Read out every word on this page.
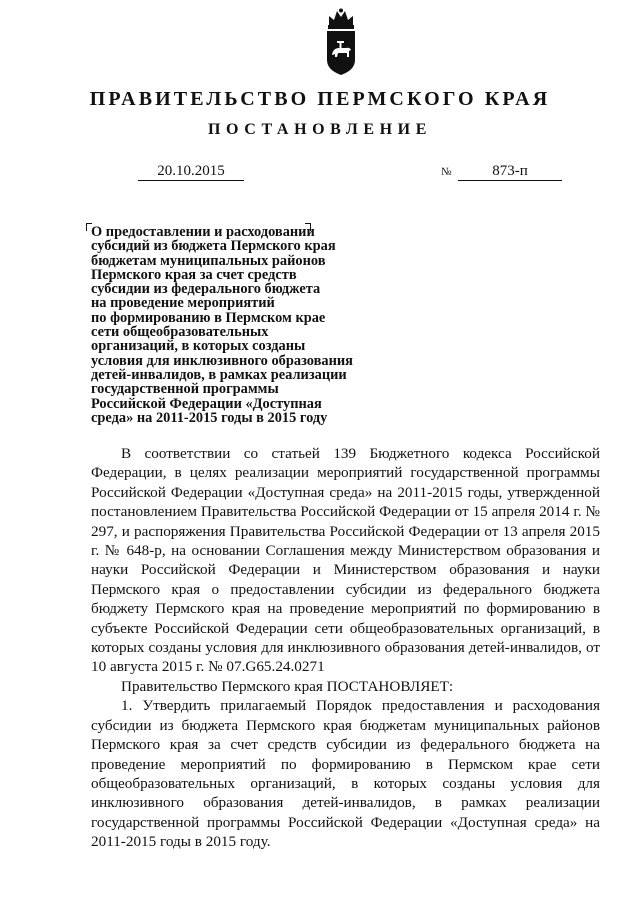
ПРАВИТЕЛЬСТВО ПЕРМСКОГО КРАЯ
ПОСТАНОВЛЕНИЕ
20.10.2015	№	873-п
О предоставлении и расходовании
субсидий из бюджета Пермского края
бюджетам муниципальных районов
Пермского края за счет средств
субсидии из федерального бюджета
на проведение мероприятий
по формированию в Пермском крае
сети общеобразовательных
организаций, в которых созданы
условия для инклюзивного образования
детей-инвалидов, в рамках реализации
государственной программы
Российской Федерации «Доступная
среда» на 2011-2015 годы в 2015 году

В соответствии со статьей 139 Бюджетного кодекса Российской Федерации, в целях реализации мероприятий государственной программы Российской Федерации «Доступная среда» на 2011-2015 годы, утвержденной постановлением Правительства Российской Федерации от 15 апреля 2014 г. № 297, и распоряжения Правительства Российской Федерации от 13 апреля 2015 г. № 648-р, на основании Соглашения между Министерством образования и науки Российской Федерации и Министерством образования и науки Пермского края о предоставлении субсидии из федерального бюджета бюджету Пермского края на проведение мероприятий по формированию в субъекте Российской Федерации сети общеобразовательных организаций, в которых созданы условия для инклюзивного образования детей-инвалидов, от 10 августа 2015 г. № 07.G65.24.0271

Правительство Пермского края ПОСТАНОВЛЯЕТ:

1. Утвердить прилагаемый Порядок предоставления и расходования субсидии из бюджета Пермского края бюджетам муниципальных районов Пермского края за счет средств субсидии из федерального бюджета на проведение мероприятий по формированию в Пермском крае сети общеобразовательных организаций, в которых созданы условия для инклюзивного образования детей-инвалидов, в рамках реализации государственной программы Российской Федерации «Доступная среда» на 2011-2015 годы в 2015 году.
